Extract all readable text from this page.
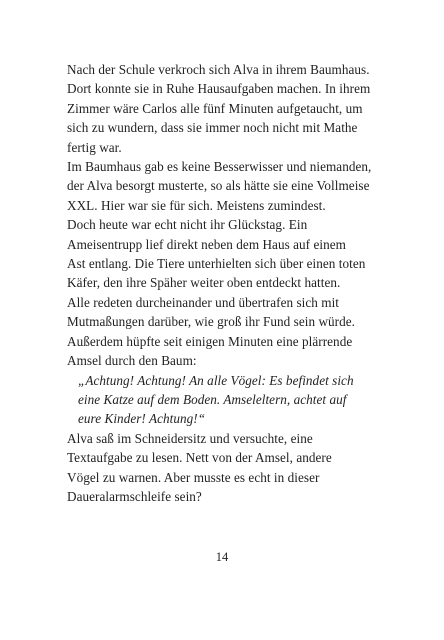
Nach der Schule verkroch sich Alva in ihrem Baumhaus.
Dort konnte sie in Ruhe Hausaufgaben machen. In ihrem
Zimmer wäre Carlos alle fünf Minuten aufgetaucht, um
sich zu wundern, dass sie immer noch nicht mit Mathe
fertig war.
Im Baumhaus gab es keine Besserwisser und niemanden,
der Alva besorgt musterte, so als hätte sie eine Vollmeise
XXL. Hier war sie für sich. Meistens zumindest.
Doch heute war echt nicht ihr Glückstag. Ein
Ameisentrupp lief direkt neben dem Haus auf einem
Ast entlang. Die Tiere unterhielten sich über einen toten
Käfer, den ihre Späher weiter oben entdeckt hatten.
Alle redeten durcheinander und übertrafen sich mit
Mutmaßungen darüber, wie groß ihr Fund sein würde.
Außerdem hüpfte seit einigen Minuten eine plärrende
Amsel durch den Baum:
„Achtung! Achtung! An alle Vögel: Es befindet sich
eine Katze auf dem Boden. Amseleltern, achtet auf
eure Kinder! Achtung!“
Alva saß im Schneidersitz und versuchte, eine
Textaufgabe zu lesen. Nett von der Amsel, andere
Vögel zu warnen. Aber musste es echt in dieser
Daueralarmschleife sein?
14
